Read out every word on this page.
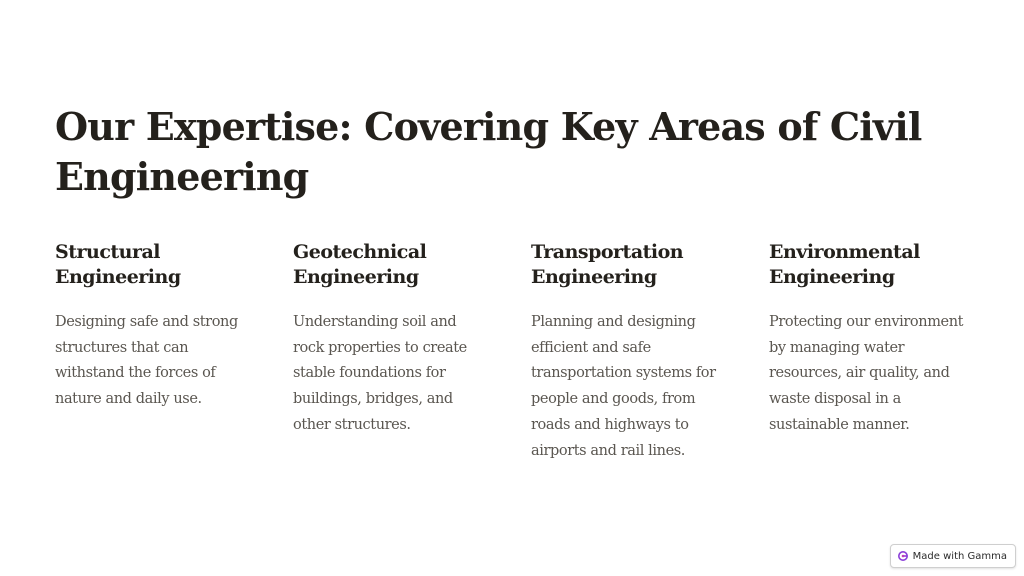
Our Expertise: Covering Key Areas of Civil Engineering
Structural Engineering

Designing safe and strong structures that can withstand the forces of nature and daily use.

Geotechnical Engineering

Understanding soil and rock properties to create stable foundations for buildings, bridges, and other structures.

Transportation Engineering

Planning and designing efficient and safe transportation systems for people and goods, from roads and highways to airports and rail lines.

Environmental Engineering

Protecting our environment by managing water resources, air quality, and waste disposal in a sustainable manner.

Made with Gamma
